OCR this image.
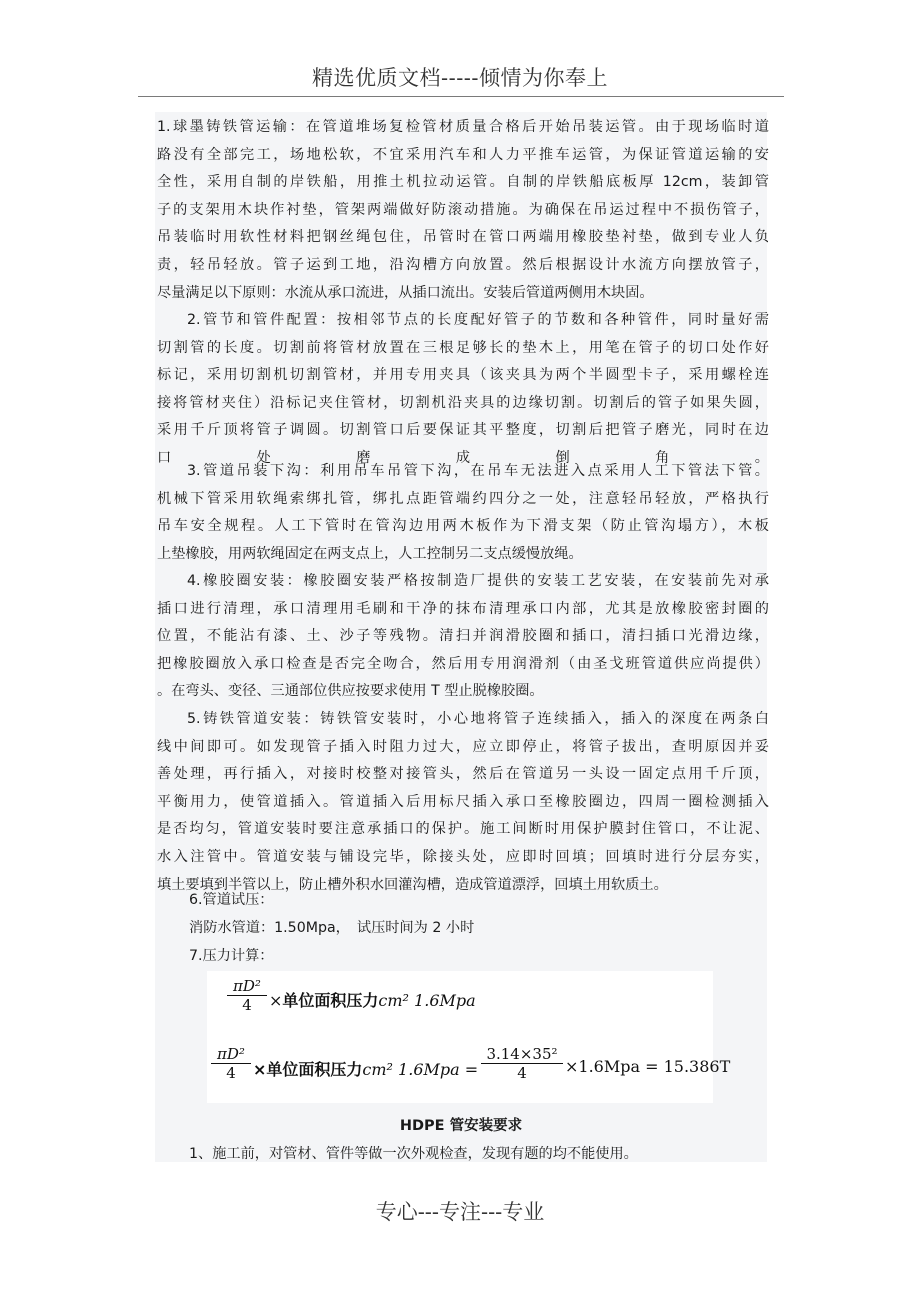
精选优质文档-----倾情为你奉上
1.球墨铸铁管运输：在管道堆场复检管材质量合格后开始吊装运管。由于现场临时道
路没有全部完工，场地松软，不宜采用汽车和人力平推车运管，为保证管道运输的安
全性，采用自制的岸铁船，用推土机拉动运管。自制的岸铁船底板厚 12cm，装卸管
子的支架用木块作衬垫，管架两端做好防滚动措施。为确保在吊运过程中不损伤管子，
吊装临时用软性材料把钢丝绳包住，吊管时在管口两端用橡胶垫衬垫，做到专业人负
责，轻吊轻放。管子运到工地，沿沟槽方向放置。然后根据设计水流方向摆放管子，
尽量满足以下原则：水流从承口流进，从插口流出。安装后管道两侧用木块固。
2.管节和管件配置：按相邻节点的长度配好管子的节数和各种管件，同时量好需
切割管的长度。切割前将管材放置在三根足够长的垫木上，用笔在管子的切口处作好
标记，采用切割机切割管材，并用专用夹具（该夹具为两个半圆型卡子，采用螺栓连
接将管材夹住）沿标记夹住管材，切割机沿夹具的边缘切割。切割后的管子如果失圆，
采用千斤顶将管子调圆。切割管口后要保证其平整度，切割后把管子磨光，同时在边
口处磨成倒角。
3.管道吊装下沟：利用吊车吊管下沟，在吊车无法进入点采用人工下管法下管。
机械下管采用软绳索绑扎管，绑扎点距管端约四分之一处，注意轻吊轻放，严格执行
吊车安全规程。人工下管时在管沟边用两木板作为下滑支架（防止管沟塌方），木板
上垫橡胶，用两软绳固定在两支点上，人工控制另二支点缓慢放绳。
4.橡胶圈安装：橡胶圈安装严格按制造厂提供的安装工艺安装，在安装前先对承
插口进行清理，承口清理用毛刷和干净的抹布清理承口内部，尤其是放橡胶密封圈的
位置，不能沾有漆、土、沙子等残物。清扫并润滑胶圈和插口，清扫插口光滑边缘，
把橡胶圈放入承口检查是否完全吻合，然后用专用润滑剂（由圣戈班管道供应尚提供）
。在弯头、变径、三通部位供应按要求使用 T 型止脱橡胶圈。
5.铸铁管道安装：铸铁管安装时，小心地将管子连续插入，插入的深度在两条白
线中间即可。如发现管子插入时阻力过大，应立即停止，将管子拔出，查明原因并妥
善处理，再行插入，对接时校整对接管头，然后在管道另一头设一固定点用千斤顶，
平衡用力，使管道插入。管道插入后用标尺插入承口至橡胶圈边，四周一圈检测插入
是否均匀，管道安装时要注意承插口的保护。施工间断时用保护膜封住管口，不让泥、
水入注管中。管道安装与铺设完毕，除接头处，应即时回填；回填时进行分层夯实，
填土要填到半管以上，防止槽外积水回灌沟槽，造成管道漂浮，回填土用软质土。
6.管道试压：
消防水管道：1.50Mpa，　试压时间为 2 小时
7.压力计算：
$\frac{\text{πD²}}{4}$ ×单位面积压力cm² 1.6Mpa
$\frac{\text{πD²}}{4}$ ×单位面积压力cm² $1.6Mpa = \frac{\text{3.14×35²}}{4} \times 1.6Mpa = 15.386T$
HDPE 管安装要求
1、施工前，对管材、管件等做一次外观检查，发现有题的均不能使用。
专心---专注---专业
